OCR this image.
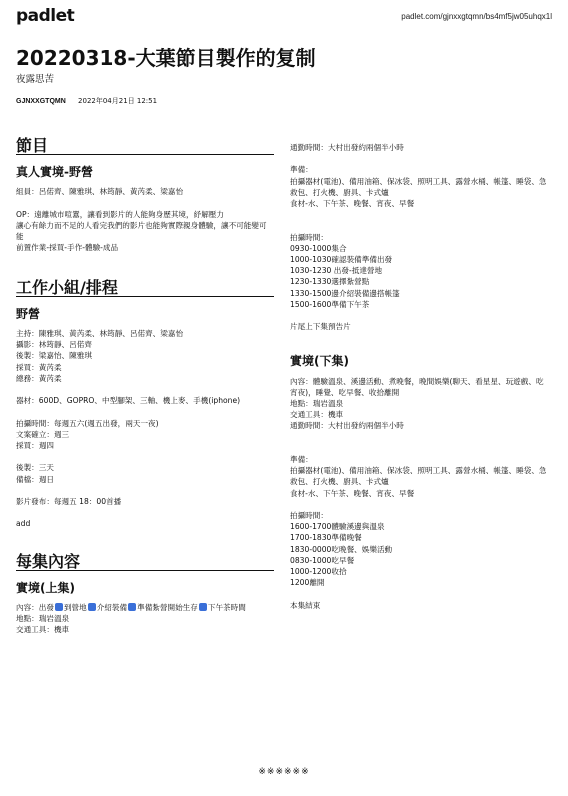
padlet	padlet.com/gjnxxgtqmn/bs4mf5jw05uhqx1l
20220318-大葉節目製作的复制
夜露思苦
GJNXXGTQMN 2022年04月21日 12:51
節目
真人實境-野營
組員：呂偌齊、陳雅琪、林筠靜、黃芮柔、梁嘉怡
OP：遠離城市喧囂，讓看到影片的人能夠身歷其境，紓解壓力
讓心有餘力而不足的人看完我們的影片也能夠實際親身體驗，讓不可能變可能
前置作業-採買-手作-體驗-成品
工作小組/排程
野營
主持：陳雅琪、黃芮柔、林筠靜、呂偌齊、梁嘉怡
攝影：林筠靜、呂偌齊
後製：梁嘉怡、陳雅琪
採買：黃芮柔
總務：黃芮柔
器材：600D、GOPRO、中型腳架、三軸、機上麥、手機(iphone)
拍攝時間：每週五六(週五出發，兩天一夜)
文案確立：週三
採買：週四
後製：三天
備檔：週日
影片發布：每週五 18：00首播
add
每集內容
實境(上集)
內容：出發 到營地 介紹裝備 準備紮營開始生存 下午茶時間
地點：瑞岩溫泉
交通工具：機車
通勤時間：大村出發約兩個半小時
準備：
拍攝器材(電池)、備用油箱、保冰袋、照明工具、露營水桶、帳篷、睡袋、急救包、打火機、廚具、卡式爐
食材-水、下午茶、晚餐、宵夜、早餐
拍攝時間：
0930-1000集合
1000-1030確認裝備準備出發
1030-1230 出發-抵達營地
1230-1330選擇紮營點
1330-1500邊介紹裝備邊搭帳篷
1500-1600準備下午茶
片尾上下集預告片
實境(下集)
內容：體驗溫泉、溪邊活動、煮晚餐，晚間娛樂(聊天、看星星、玩遊戲、吃宵夜)，睡覺、吃早餐、收拾離開
地點：瑞岩溫泉
交通工具：機車
通勤時間：大村出發約兩個半小時
準備：
拍攝器材(電池)、備用油箱、保冰袋、照明工具、露營水桶、帳篷、睡袋、急救包、打火機、廚具、卡式爐
食材-水、下午茶、晚餐、宵夜、早餐
拍攝時間：
1600-1700體驗溪邊與溫泉
1700-1830準備晚餐
1830-0000吃晚餐、娛樂活動
0830-1000吃早餐
1000-1200收拾
1200離開
本集結束
※※※※※※
